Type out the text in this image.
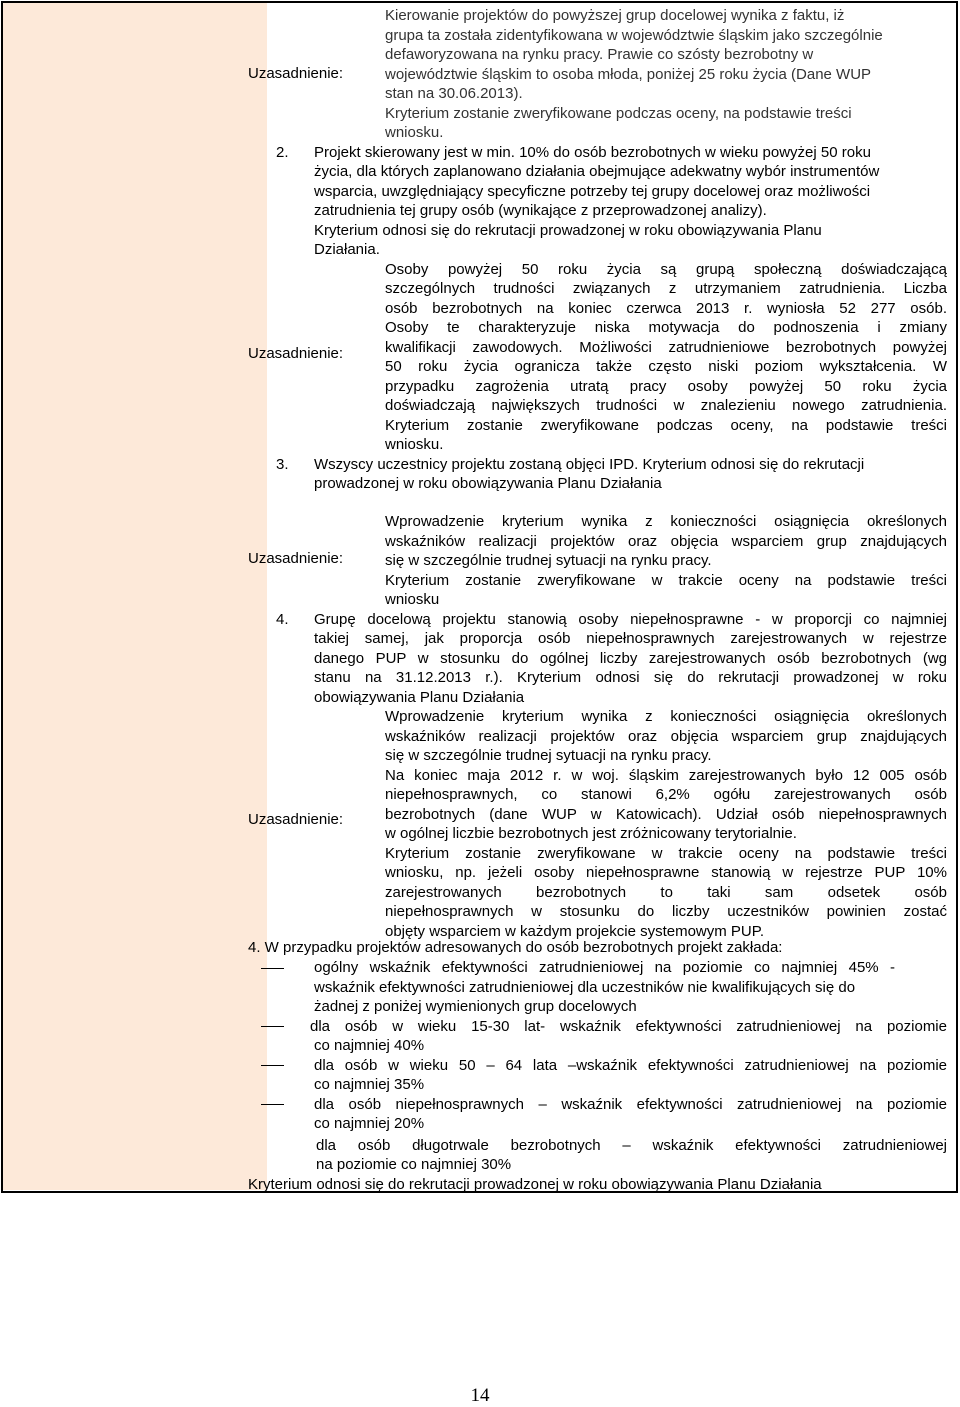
Uzasadnienie:
Kierowanie projektów do powyższej grup docelowej wynika z faktu, iż
grupa ta została zidentyfikowana w województwie śląskim jako szczególnie
defaworyzowana na rynku pracy. Prawie co szósty bezrobotny w
województwie śląskim to osoba młoda, poniżej 25 roku życia (Dane WUP
stan na 30.06.2013).
Kryterium zostanie zweryfikowane podczas oceny, na podstawie treści
wniosku.
2. Projekt skierowany jest w min. 10% do osób bezrobotnych w wieku powyżej 50 roku
życia, dla których zaplanowano działania obejmujące adekwatny wybór instrumentów
wsparcia, uwzględniający specyficzne potrzeby tej grupy docelowej oraz możliwości
zatrudnienia tej grupy osób (wynikające z przeprowadzonej analizy).
Kryterium odnosi się do rekrutacji prowadzonej w roku obowiązywania Planu
Działania.
Uzasadnienie:
Osoby powyżej 50 roku życia są grupą społeczną doświadczającą
szczególnych trudności związanych z utrzymaniem zatrudnienia. Liczba
osób bezrobotnych na koniec czerwca 2013 r. wyniosła 52 277 osób.
Osoby te charakteryzuje niska motywacja do podnoszenia i zmiany
kwalifikacji zawodowych. Możliwości zatrudnieniowe bezrobotnych powyżej
50 roku życia ogranicza także często niski poziom wykształcenia. W
przypadku zagrożenia utratą pracy osoby powyżej 50 roku życia
doświadczają największych trudności w znalezieniu nowego zatrudnienia.
Kryterium zostanie zweryfikowane podczas oceny, na podstawie treści
wniosku.
3. Wszyscy uczestnicy projektu zostaną objęci IPD. Kryterium odnosi się do rekrutacji
prowadzonej w roku obowiązywania Planu Działania
Uzasadnienie:
Wprowadzenie kryterium wynika z konieczności osiągnięcia określonych
wskaźników realizacji projektów oraz objęcia wsparciem grup znajdujących
się w szczególnie trudnej sytuacji na rynku pracy.
Kryterium zostanie zweryfikowane w trakcie oceny na podstawie treści
wniosku
4. Grupę docelową projektu stanowią osoby niepełnosprawne - w proporcji co najmniej
takiej samej, jak proporcja osób niepełnosprawnych zarejestrowanych w rejestrze
danego PUP w stosunku do ogólnej liczby zarejestrowanych osób bezrobotnych (wg
stanu na 31.12.2013 r.). Kryterium odnosi się do rekrutacji prowadzonej w roku
obowiązywania Planu Działania
Uzasadnienie:
Wprowadzenie kryterium wynika z konieczności osiągnięcia określonych
wskaźników realizacji projektów oraz objęcia wsparciem grup znajdujących
się w szczególnie trudnej sytuacji na rynku pracy.
Na koniec maja 2012 r. w woj. śląskim zarejestrowanych było 12 005 osób
niepełnosprawnych, co stanowi 6,2% ogółu zarejestrowanych osób
bezrobotnych (dane WUP w Katowicach). Udział osób niepełnosprawnych
w ogólnej liczbie bezrobotnych jest zróżnicowany terytorialnie.
Kryterium zostanie zweryfikowane w trakcie oceny na podstawie treści
wniosku, np. jeżeli osoby niepełnosprawne stanowią w rejestrze PUP 10%
zarejestrowanych bezrobotnych to taki sam odsetek osób
niepełnosprawnych w stosunku do liczby uczestników powinien zostać
objęty wsparciem w każdym projekcie systemowym PUP.
4. W przypadku projektów adresowanych do osób bezrobotnych projekt zakłada:
ogólny wskaźnik efektywności zatrudnieniowej na poziomie co najmniej 45% -
wskaźnik efektywności zatrudnieniowej dla uczestników nie kwalifikujących się do
żadnej z poniżej wymienionych grup docelowych
dla osób w wieku 15-30 lat- wskaźnik efektywności zatrudnieniowej na poziomie
co najmniej 40%
dla osób w wieku 50 – 64 lata –wskaźnik efektywności zatrudnieniowej na poziomie
co najmniej 35%
dla osób niepełnosprawnych – wskaźnik efektywności zatrudnieniowej na poziomie
co najmniej 20%
dla osób długotrwale bezrobotnych – wskaźnik efektywności zatrudnieniowej
na poziomie co najmniej 30%
Kryterium odnosi się do rekrutacji prowadzonej w roku obowiązywania Planu Działania
14
